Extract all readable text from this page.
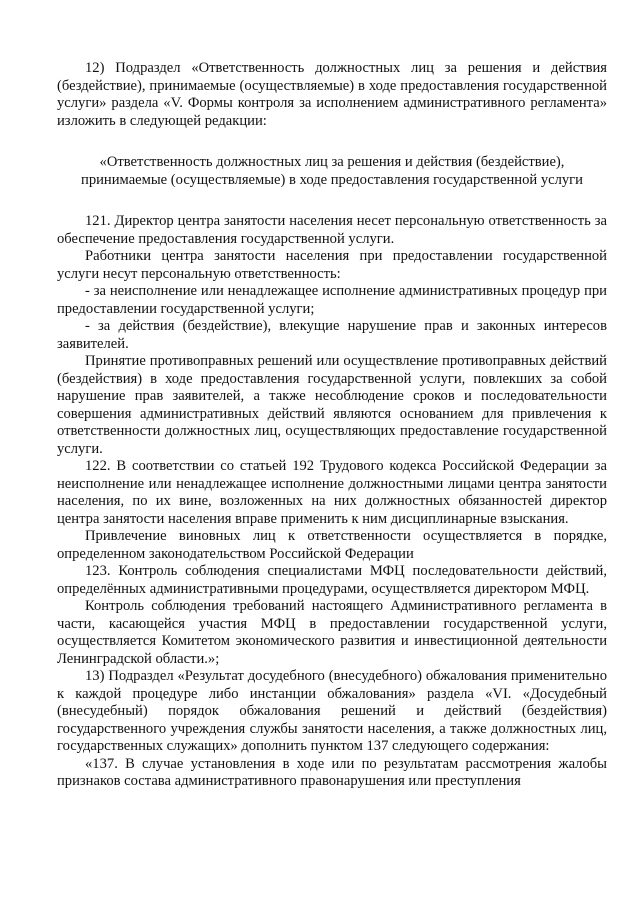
12) Подраздел «Ответственность должностных лиц за решения и действия (бездействие), принимаемые (осуществляемые) в ходе предоставления государственной услуги» раздела «V. Формы контроля за исполнением административного регламента» изложить в следующей редакции:

«Ответственность должностных лиц за решения и действия (бездействие), принимаемые (осуществляемые) в ходе предоставления государственной услуги

121. Директор центра занятости населения несет персональную ответственность за обеспечение предоставления государственной услуги.

Работники центра занятости населения при предоставлении государственной услуги несут персональную ответственность:

- за неисполнение или ненадлежащее исполнение административных процедур при предоставлении государственной услуги;

- за действия (бездействие), влекущие нарушение прав и законных интересов заявителей.

Принятие противоправных решений или осуществление противоправных действий (бездействия) в ходе предоставления государственной услуги, повлекших за собой нарушение прав заявителей, а также несоблюдение сроков и последовательности совершения административных действий являются основанием для привлечения к ответственности должностных лиц, осуществляющих предоставление государственной услуги.

122. В соответствии со статьей 192 Трудового кодекса Российской Федерации за неисполнение или ненадлежащее исполнение должностными лицами центра занятости населения, по их вине, возложенных на них должностных обязанностей директор центра занятости населения вправе применить к ним дисциплинарные взыскания.

Привлечение виновных лиц к ответственности осуществляется в порядке, определенном законодательством Российской Федерации

123. Контроль соблюдения специалистами МФЦ последовательности действий, определённых административными процедурами, осуществляется директором МФЦ.

Контроль соблюдения требований настоящего Административного регламента в части, касающейся участия МФЦ в предоставлении государственной услуги, осуществляется Комитетом экономического развития и инвестиционной деятельности Ленинградской области.»;

13) Подраздел «Результат досудебного (внесудебного) обжалования применительно к каждой процедуре либо инстанции обжалования» раздела «VI. «Досудебный (внесудебный) порядок обжалования решений и действий (бездействия) государственного учреждения службы занятости населения, а также должностных лиц, государственных служащих» дополнить пунктом 137 следующего содержания:

«137. В случае установления в ходе или по результатам рассмотрения жалобы признаков состава административного правонарушения или преступления
